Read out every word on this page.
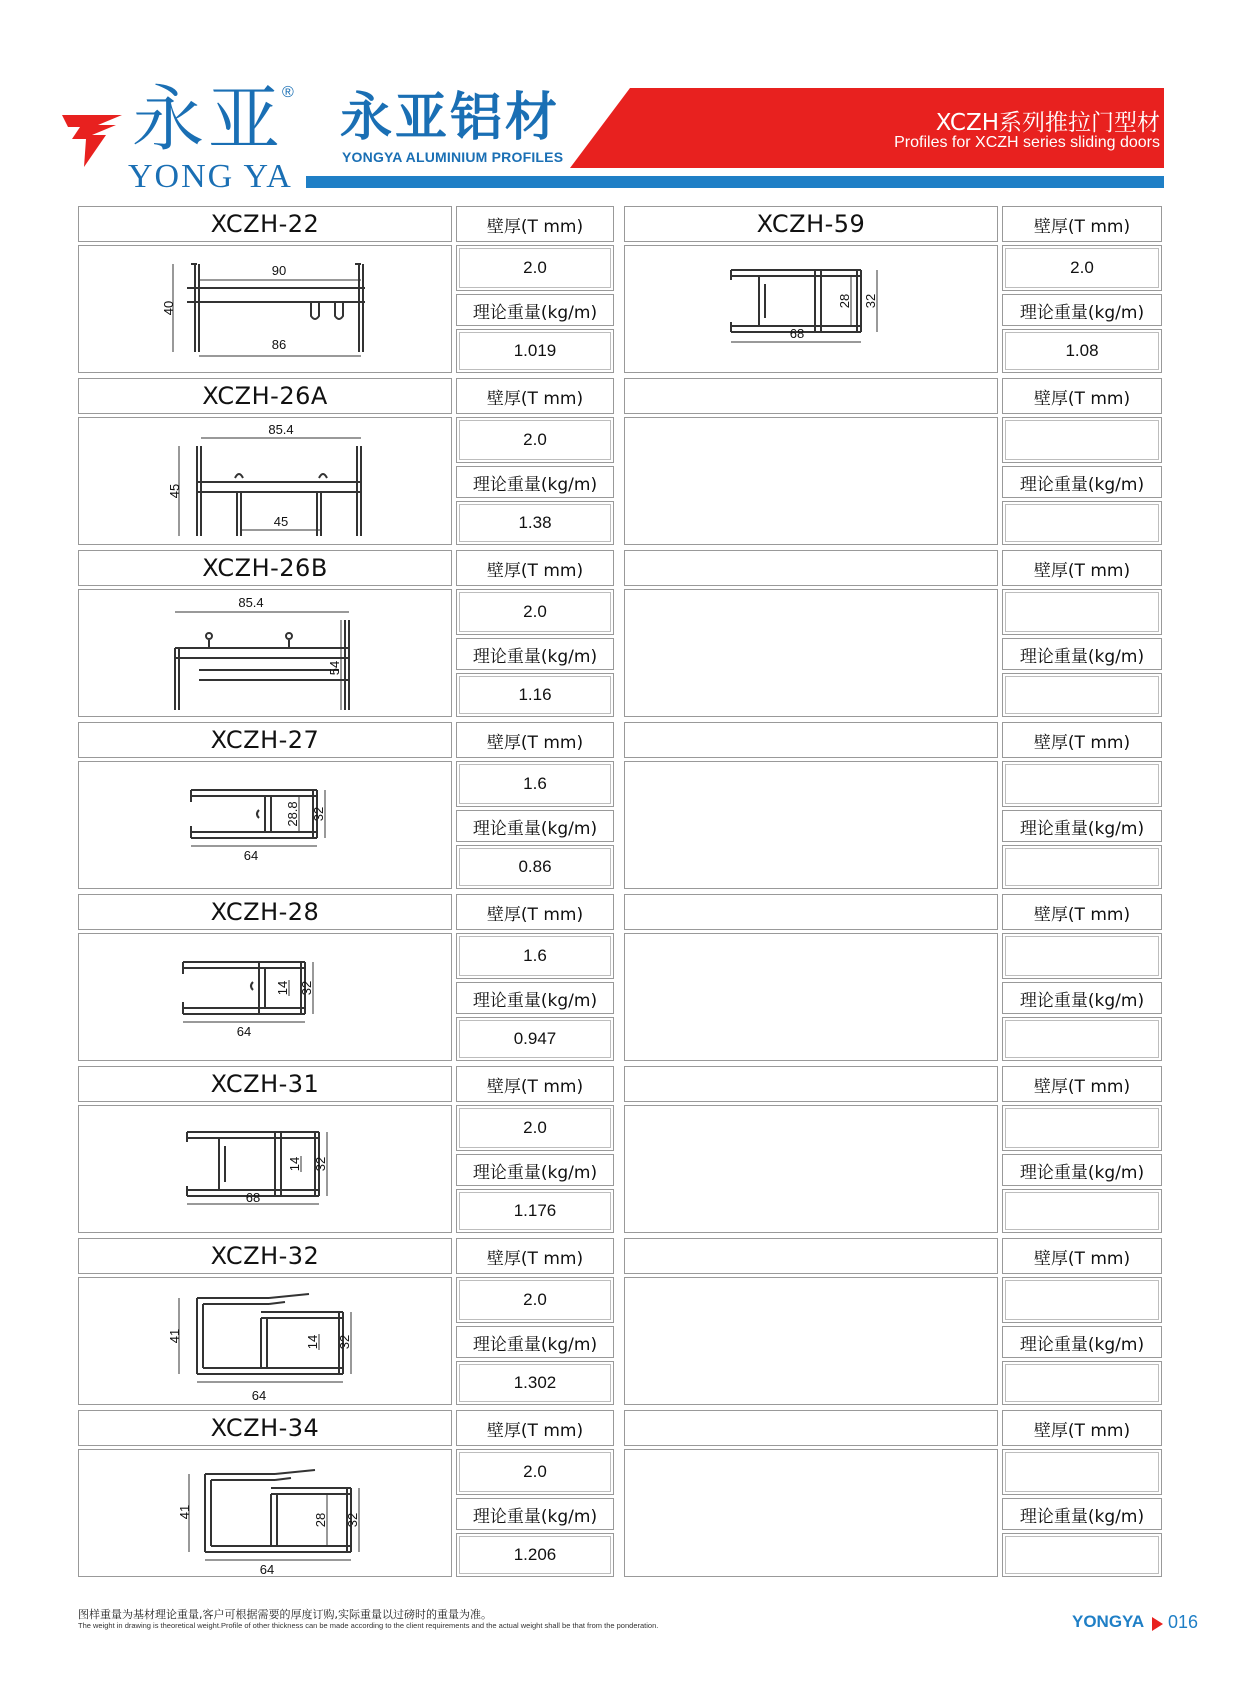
永亚
®
YONG YA
永亚铝材
YONGYA ALUMINIUM PROFILES
XCZH系列推拉门型材
Profiles for XCZH series sliding doors
XCZH-22	壁厚(T mm)
90
40
86
2.0
理论重量(kg/m)
1.019
XCZH-26A	壁厚(T mm)
85.4
45
45
2.0
理论重量(kg/m)
1.38
XCZH-26B	壁厚(T mm)
85.4
54
2.0
理论重量(kg/m)
1.16
XCZH-27	壁厚(T mm)
64
28.8 32
1.6
理论重量(kg/m)
0.86
XCZH-28	壁厚(T mm)
64
14 32
1.6
理论重量(kg/m)
0.947
XCZH-31	壁厚(T mm)
68
14 32
2.0
理论重量(kg/m)
1.176
XCZH-32	壁厚(T mm)
41	14 32
64
2.0
理论重量(kg/m)
1.302
XCZH-34	壁厚(T mm)
41
28 32
64
2.0
理论重量(kg/m)
1.206
XCZH-59	壁厚(T mm)
68
28 32
2.0
理论重量(kg/m)
1.08
壁厚(T mm)
理论重量(kg/m)
壁厚(T mm)
理论重量(kg/m)
壁厚(T mm)
理论重量(kg/m)
壁厚(T mm)
理论重量(kg/m)
壁厚(T mm)
理论重量(kg/m)
壁厚(T mm)
理论重量(kg/m)
壁厚(T mm)
理论重量(kg/m)
图样重量为基材理论重量,客户可根据需要的厚度订购,实际重量以过磅时的重量为准。
The weight in drawing is theoretical weight.Profile of other thickness can be made according to the client requirements and the actual weight shall be that from the ponderation.	YONGYA 016
